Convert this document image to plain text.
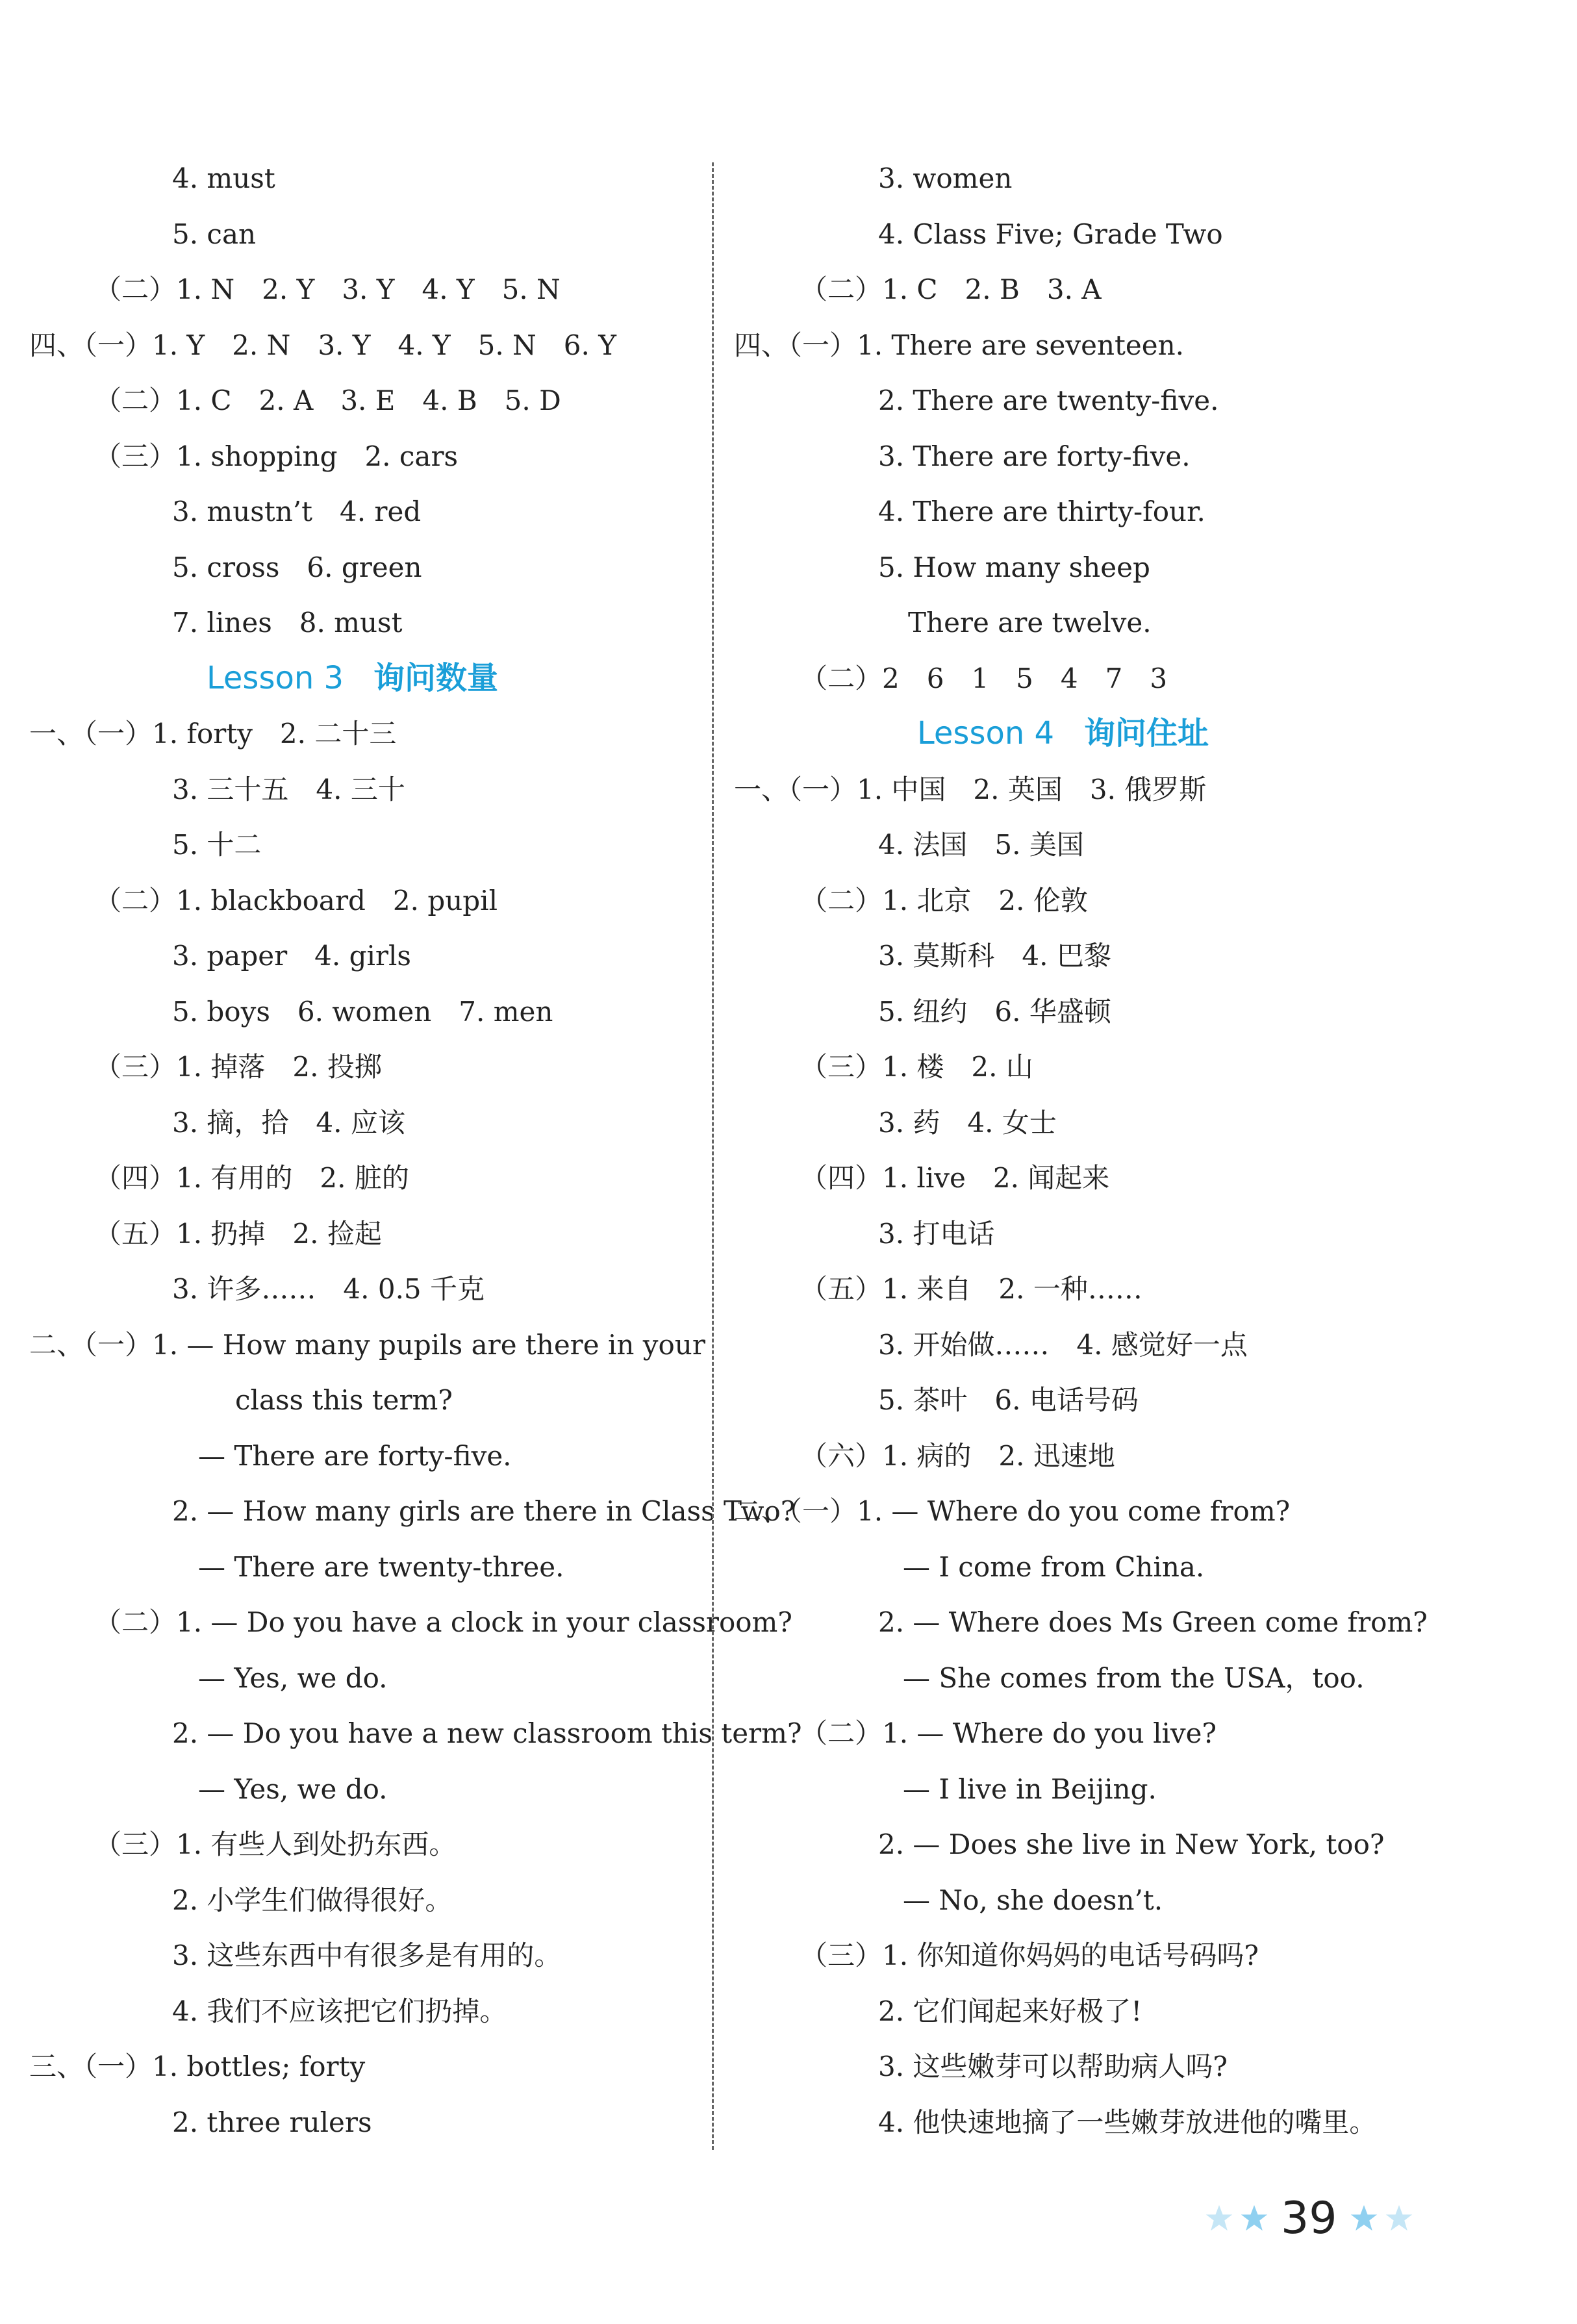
4. must
5. can
（二）1. N　2. Y　3. Y　4. Y　5. N
四、（一）1. Y　2. N　3. Y　4. Y　5. N　6. Y
（二）1. C　2. A　3. E　4. B　5. D
（三）1. shopping　2. cars
3. mustn’t　4. red
5. cross　6. green
7. lines　8. must
Lesson 3 询问数量
一、（一）1. forty　2. 二十三
3. 三十五　4. 三十
5. 十二
（二）1. blackboard　2. pupil
3. paper　4. girls
5. boys　6. women　7. men
（三）1. 掉落　2. 投掷
3. 摘，拾　4. 应该
（四）1. 有用的　2. 脏的
（五）1. 扔掉　2. 捡起
3. 许多……　4. 0.5 千克
二、（一）1. — How many pupils are there in your
class this term?
— There are forty-five.
2. — How many girls are there in Class Two?
— There are twenty-three.
（二）1. — Do you have a clock in your classroom?
— Yes, we do.
2. — Do you have a new classroom this term?
— Yes, we do.
（三）1. 有些人到处扔东西。
2. 小学生们做得很好。
3. 这些东西中有很多是有用的。
4. 我们不应该把它们扔掉。
三、（一）1. bottles; forty
2. three rulers
3. women
4. Class Five; Grade Two
（二）1. C　2. B　3. A
四、（一）1. There are seventeen.
2. There are twenty-five.
3. There are forty-five.
4. There are thirty-four.
5. How many sheep
There are twelve.
（二）2　6　1　5　4　7　3
Lesson 4 询问住址
一、（一）1. 中国　2. 英国　3. 俄罗斯
4. 法国　5. 美国
（二）1. 北京　2. 伦敦
3. 莫斯科　4. 巴黎
5. 纽约　6. 华盛顿
（三）1. 楼　2. 山
3. 药　4. 女士
（四）1. live　2. 闻起来
3. 打电话
（五）1. 来自　2. 一种……
3. 开始做……　4. 感觉好一点
5. 茶叶　6. 电话号码
（六）1. 病的　2. 迅速地
二、（一）1. — Where do you come from?
— I come from China.
2. — Where does Ms Green come from?
— She comes from the USA，too.
（二）1. — Where do you live?
— I live in Beijing.
2. — Does she live in New York, too?
— No, she doesn’t.
（三）1. 你知道你妈妈的电话号码吗?
2. 它们闻起来好极了!
3. 这些嫩芽可以帮助病人吗?
4. 他快速地摘了一些嫩芽放进他的嘴里。
39
